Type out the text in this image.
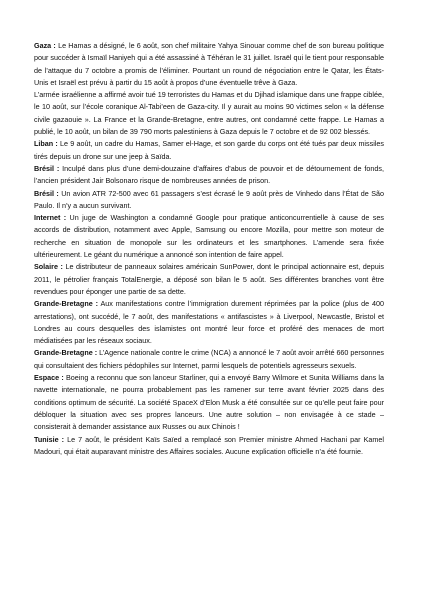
Gaza : Le Hamas a désigné, le 6 août, son chef militaire Yahya Sinouar comme chef de son bureau politique pour succéder à Ismaïl Haniyeh qui a été assassiné à Téhéran le 31 juillet. Israël qui le tient pour responsable de l’attaque du 7 octobre a promis de l’éliminer. Pourtant un round de négociation entre le Qatar, les États-Unis et Israël est prévu à partir du 15 août à propos d’une éventuelle trêve à Gaza.

L’armée israélienne a affirmé avoir tué 19 terroristes du Hamas et du Djihad islamique dans une frappe ciblée, le 10 août, sur l’école coranique Al-Tabi’een de Gaza-city. Il y aurait au moins 90 victimes selon « la défense civile gazaouie ». La France et la Grande-Bretagne, entre autres, ont condamné cette frappe. Le Hamas a publié, le 10 août, un bilan de 39 790 morts palestiniens à Gaza depuis le 7 octobre et de 92 002 blessés.

Liban : Le 9 août, un cadre du Hamas, Samer el-Hage, et son garde du corps ont été tués par deux missiles tirés depuis un drone sur une jeep à Saïda.

Brésil : Inculpé dans plus d’une demi-douzaine d’affaires d’abus de pouvoir et de détournement de fonds, l’ancien président Jair Bolsonaro risque de nombreuses années de prison.

Brésil : Un avion ATR 72-500 avec 61 passagers s’est écrasé le 9 août près de Vinhedo dans l’État de São Paulo. Il n’y a aucun survivant.

Internet : Un juge de Washington a condamné Google pour pratique anticoncurrentielle à cause de ses accords de distribution, notamment avec Apple, Samsung ou encore Mozilla, pour mettre son moteur de recherche en situation de monopole sur les ordinateurs et les smartphones. L’amende sera fixée ultérieurement. Le géant du numérique a annoncé son intention de faire appel.

Solaire : Le distributeur de panneaux solaires américain SunPower, dont le principal actionnaire est, depuis 2011, le pétrolier français TotalEnergie, a déposé son bilan le 5 août. Ses différentes branches vont être revendues pour éponger une partie de sa dette.

Grande-Bretagne : Aux manifestations contre l’immigration durement réprimées par la police (plus de 400 arrestations), ont succédé, le 7 août, des manifestations « antifascistes » à Liverpool, Newcastle, Bristol et Londres au cours desquelles des islamistes ont montré leur force et proféré des menaces de mort médiatisées par les réseaux sociaux.

Grande-Bretagne : L’Agence nationale contre le crime (NCA) a annoncé le 7 août avoir arrêté 660 personnes qui consultaient des fichiers pédophiles sur Internet, parmi lesquels de potentiels agresseurs sexuels.

Espace : Boeing a reconnu que son lanceur Starliner, qui a envoyé Barry Wilmore et Sunita Williams dans la navette internationale, ne pourra probablement pas les ramener sur terre avant février 2025 dans des conditions optimum de sécurité. La société SpaceX d’Elon Musk a été consultée sur ce qu’elle peut faire pour débloquer la situation avec ses propres lanceurs. Une autre solution – non envisagée à ce stade – consisterait à demander assistance aux Russes ou aux Chinois !

Tunisie : Le 7 août, le président Kaïs Saïed a remplacé son Premier ministre Ahmed Hachani par Kamel Madouri, qui était auparavant ministre des Affaires sociales. Aucune explication officielle n’a été fournie.
